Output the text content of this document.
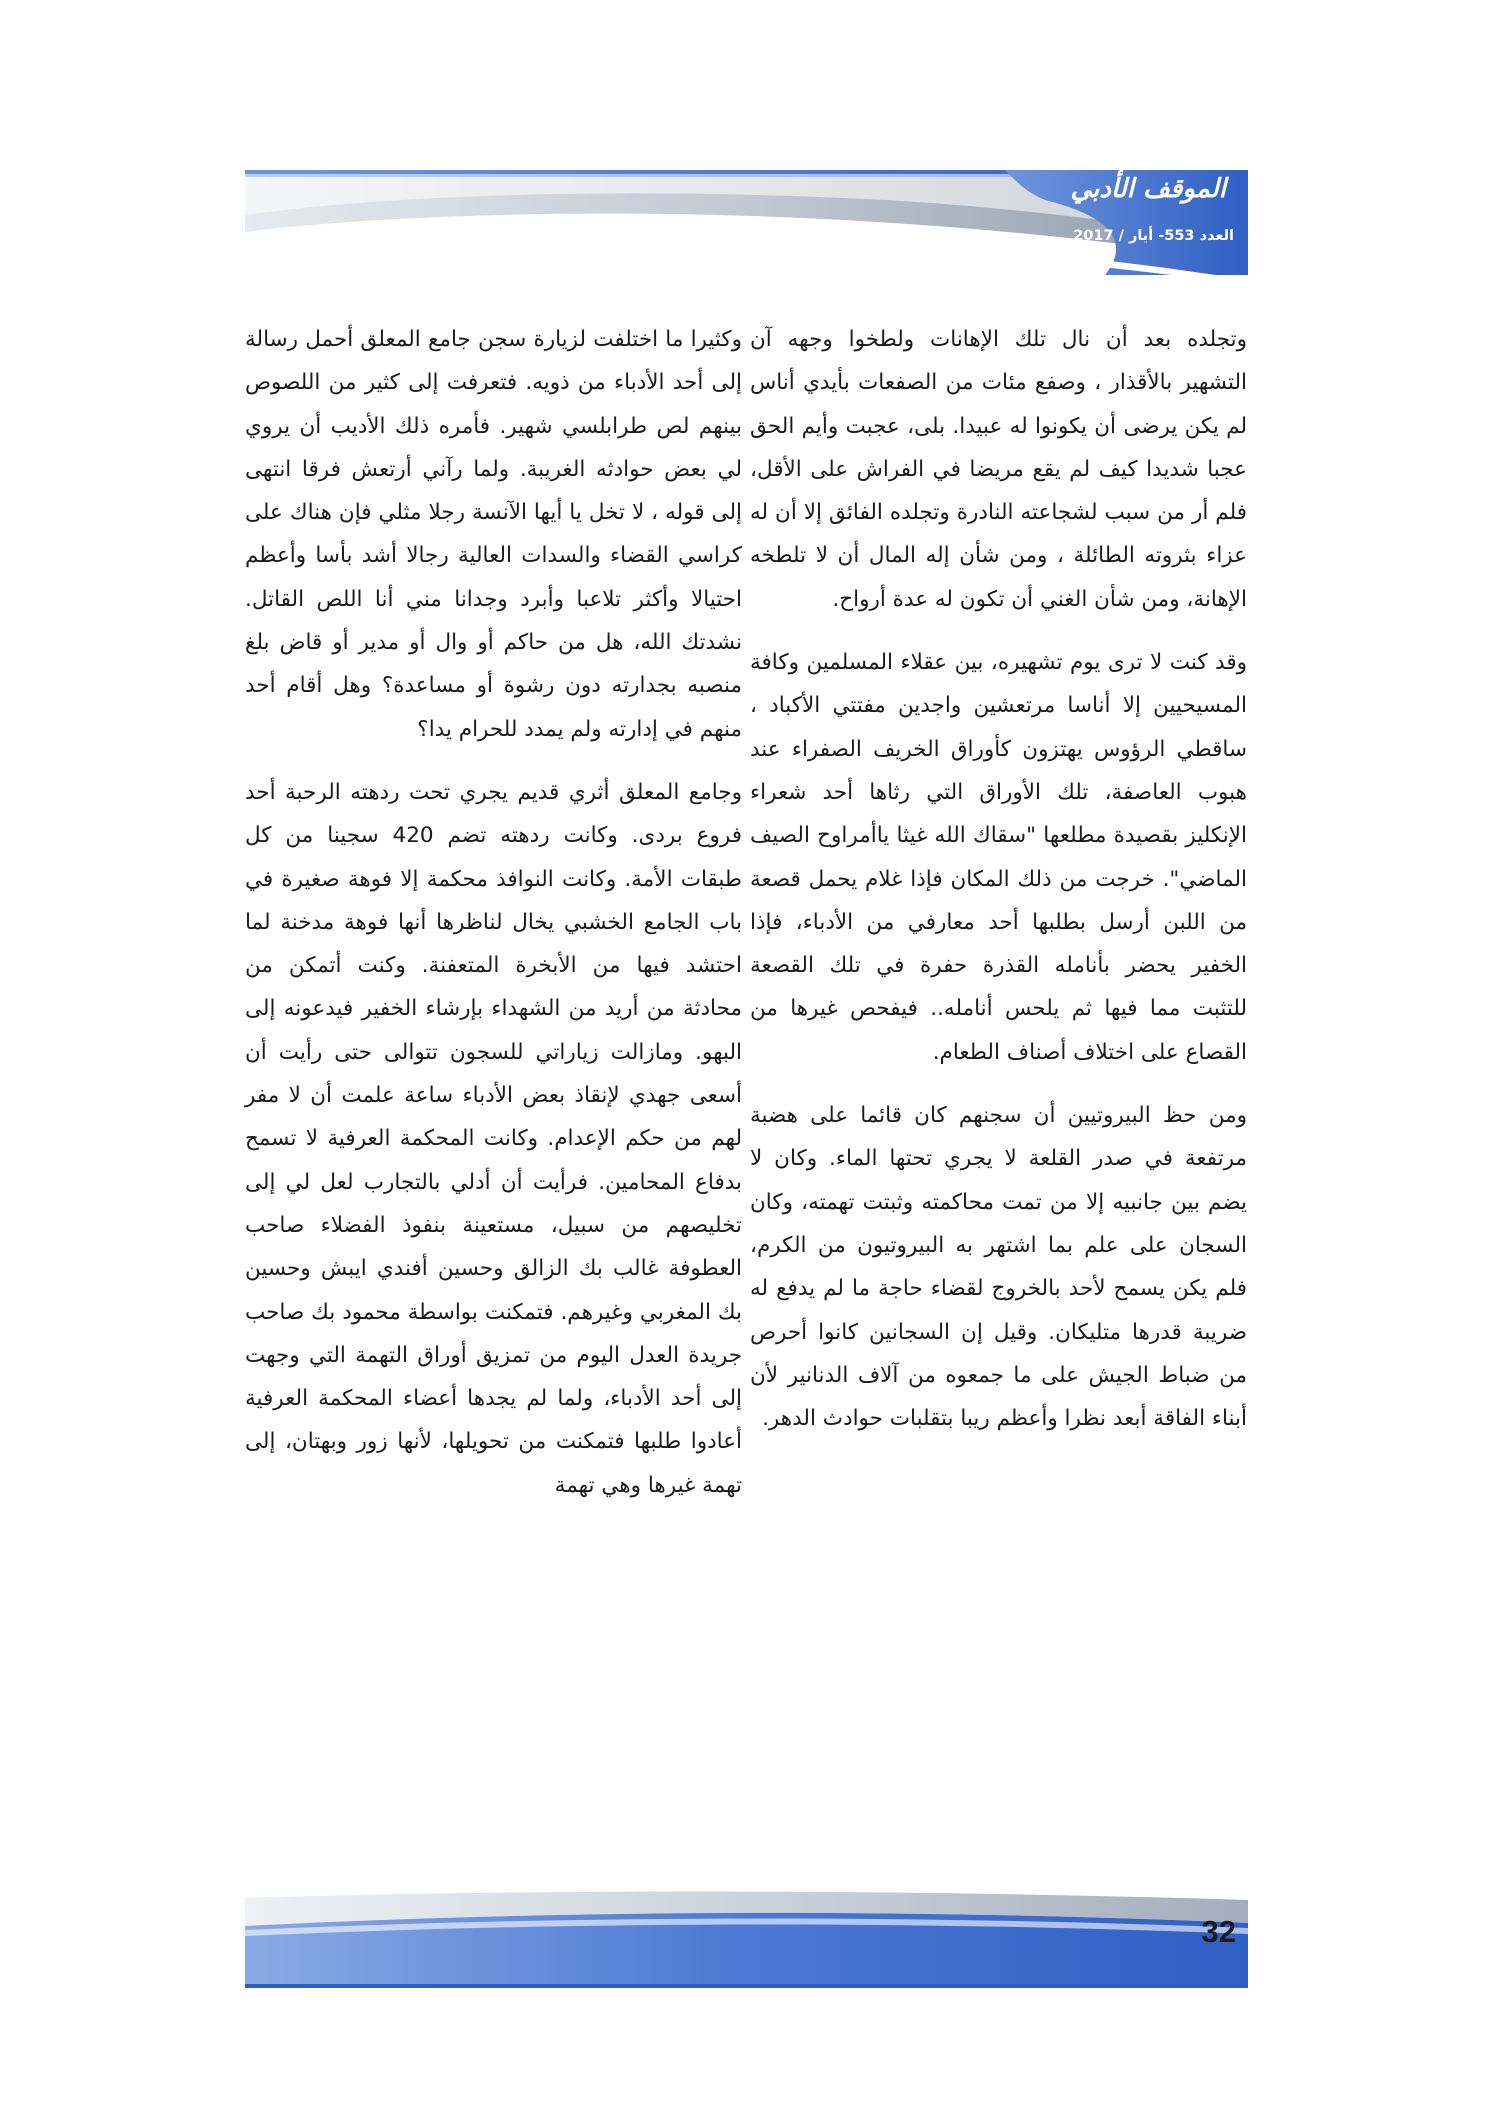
الموقف الأدبي
العدد 553- أيار / 2017

وتجلده بعد أن نال تلك الإهانات ولطخوا وجهه آن التشهير بالأقذار ، وصفع مئات من الصفعات بأيدي أناس لم يكن يرضى أن يكونوا له عبيدا. بلى، عجبت وأيم الحق عجبا شديدا كيف لم يقع مريضا في الفراش على الأقل، فلم أر من سبب لشجاعته النادرة وتجلده الفائق إلا أن له عزاء بثروته الطائلة ، ومن شأن إله المال أن لا تلطخه الإهانة، ومن شأن الغني أن تكون له عدة أرواح.

وقد كنت لا ترى يوم تشهيره، بين عقلاء المسلمين وكافة المسيحيين إلا أناسا مرتعشين واجدين مفتتي الأكباد ، ساقطي الرؤوس يهتزون كأوراق الخريف الصفراء عند هبوب العاصفة، تلك الأوراق التي رثاها أحد شعراء الإنكليز بقصيدة مطلعها "سقاك الله غيثا ياأمراوح الصيف الماضي". خرجت من ذلك المكان فإذا غلام يحمل قصعة من اللبن أرسل بطلبها أحد معارفي من الأدباء، فإذا الخفير يحضر بأنامله القذرة حفرة في تلك القصعة للتثبت مما فيها ثم يلحس أنامله.. فيفحص غيرها من القصاع على اختلاف أصناف الطعام.

ومن حظ البيروتيين أن سجنهم كان قائما على هضبة مرتفعة في صدر القلعة لا يجري تحتها الماء. وكان لا يضم بين جانبيه إلا من تمت محاكمته وثبتت تهمته، وكان السجان على علم بما اشتهر به البيروتيون من الكرم، فلم يكن يسمح لأحد بالخروج لقضاء حاجة ما لم يدفع له ضريبة قدرها متليكان. وقيل إن السجانين كانوا أحرص من ضباط الجيش على ما جمعوه من آلاف الدنانير لأن أبناء الفاقة أبعد نظرا وأعظم ريبا بتقلبات حوادث الدهر.

وكثيرا ما اختلفت لزيارة سجن جامع المعلق أحمل رسالة إلى أحد الأدباء من ذويه. فتعرفت إلى كثير من اللصوص بينهم لص طرابلسي شهير. فأمره ذلك الأديب أن يروي لي بعض حوادثه الغريبة. ولما رآني أرتعش فرقا انتهى إلى قوله ، لا تخل يا أيها الآنسة رجلا مثلي فإن هناك على كراسي القضاء والسدات العالية رجالا أشد بأسا وأعظم احتيالا وأكثر تلاعبا وأبرد وجدانا مني أنا اللص القاتل. نشدتك الله، هل من حاكم أو وال أو مدير أو قاض بلغ منصبه بجدارته دون رشوة أو مساعدة؟ وهل أقام أحد منهم في إدارته ولم يمدد للحرام يدا؟

وجامع المعلق أثري قديم يجري تحت ردهته الرحبة أحد فروع بردى. وكانت ردهته تضم 420 سجينا من كل طبقات الأمة. وكانت النوافذ محكمة إلا فوهة صغيرة في باب الجامع الخشبي يخال لناظرها أنها فوهة مدخنة لما احتشد فيها من الأبخرة المتعفنة. وكنت أتمكن من محادثة من أريد من الشهداء بإرشاء الخفير فيدعونه إلى البهو. ومازالت زياراتي للسجون تتوالى حتى رأيت أن أسعى جهدي لإنقاذ بعض الأدباء ساعة علمت أن لا مفر لهم من حكم الإعدام. وكانت المحكمة العرفية لا تسمح بدفاع المحامين. فرأيت أن أدلي بالتجارب لعل لي إلى تخليصهم من سبيل، مستعينة بنفوذ الفضلاء صاحب العطوفة غالب بك الزالق وحسين أفندي ايبش وحسين بك المغربي وغيرهم. فتمكنت بواسطة محمود بك صاحب جريدة العدل اليوم من تمزيق أوراق التهمة التي وجهت إلى أحد الأدباء، ولما لم يجدها أعضاء المحكمة العرفية أعادوا طلبها فتمكنت من تحويلها، لأنها زور وبهتان، إلى تهمة غيرها وهي تهمة

32
